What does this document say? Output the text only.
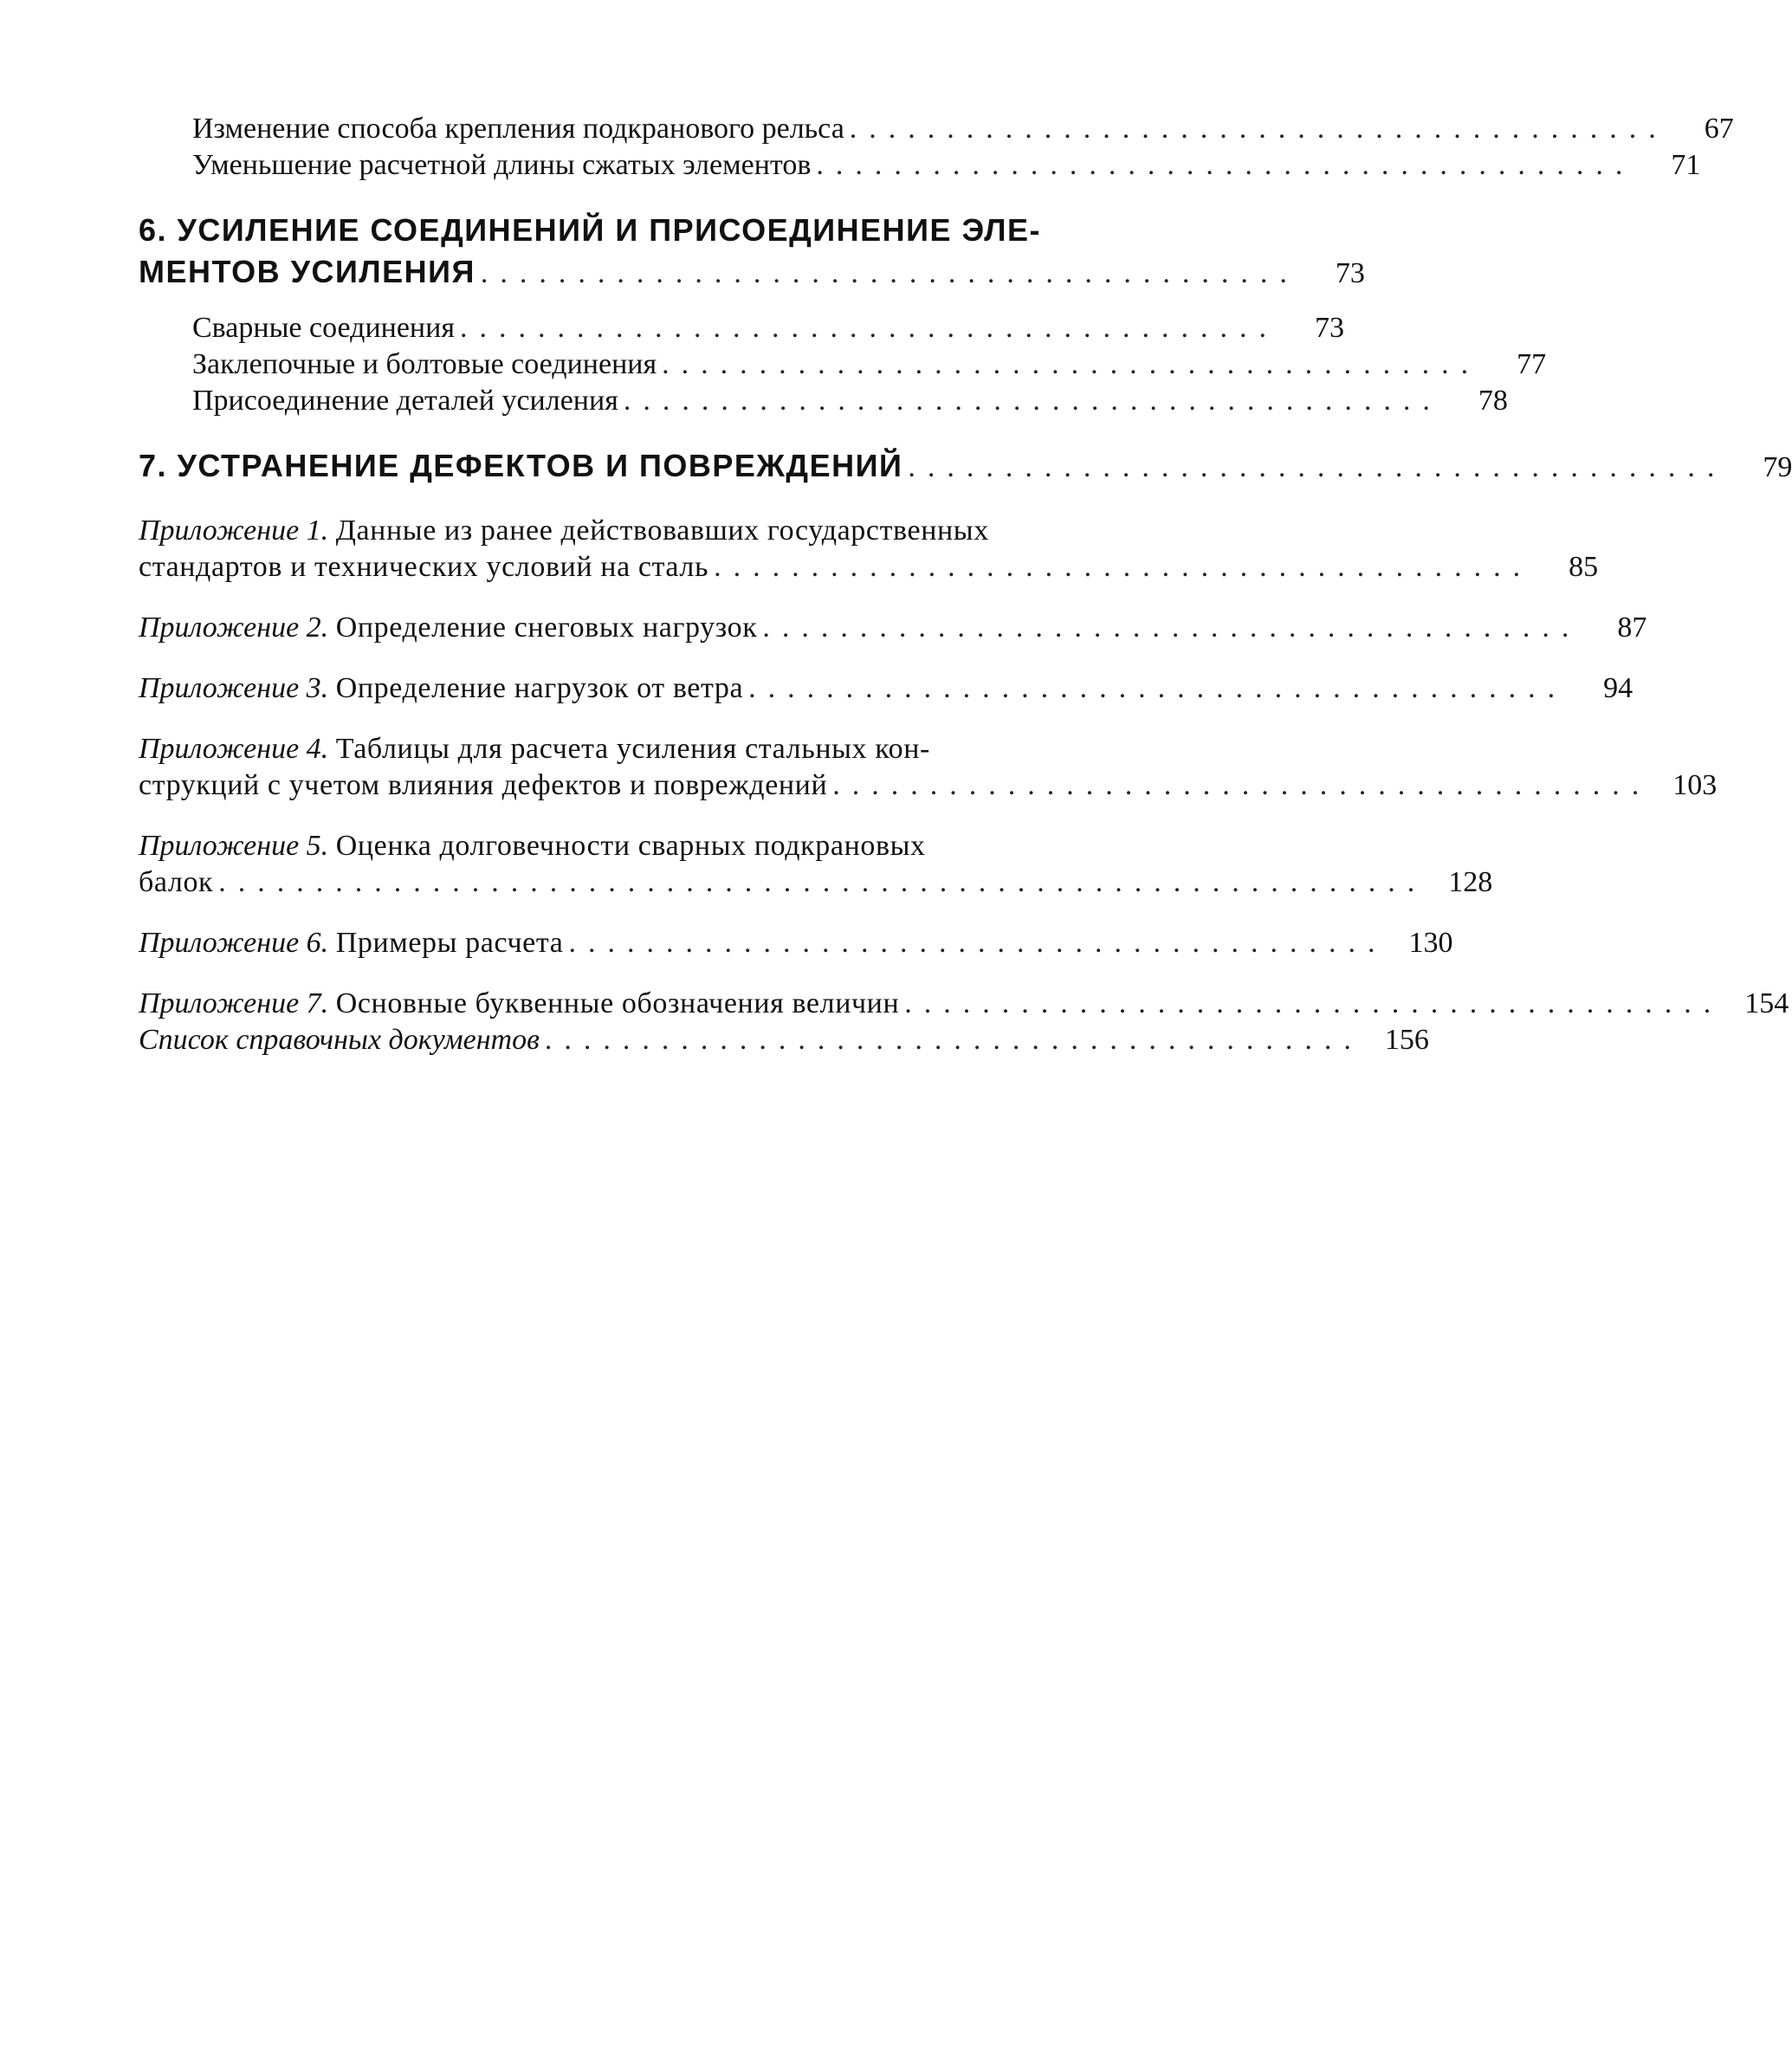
Изменение способа крепления подкранового рельса ..........................................	67
Уменьшение расчетной длины сжатых элементов ..........................................	71
6. УСИЛЕНИЕ СОЕДИНЕНИЙ И ПРИСОЕДИНЕНИЕ ЭЛЕ-
МЕНТОВ УСИЛЕНИЯ ..........................................	73
Сварные соединения ..........................................	73
Заклепочные и болтовые соединения ..........................................	77
Присоединение деталей усиления ..........................................	78
7. УСТРАНЕНИЕ ДЕФЕКТОВ И ПОВРЕЖДЕНИЙ ..........................................	79
Приложение 1. Данные из ранее действовавших государственных
стандартов и технических условий на сталь ..........................................	85
Приложение 2. Определение снеговых нагрузок ..........................................	87
Приложение 3. Определение нагрузок от ветра ..........................................	94
Приложение 4. Таблицы для расчета усиления стальных кон-
струкций с учетом влияния дефектов и повреждений .......................................... 103
Приложение 5. Оценка долговечности сварных подкрановых
балок .............................................................. 128
Приложение 6. Примеры расчета .......................................... 130
Приложение 7. Основные буквенные обозначения величин .......................................... 154
Список справочных документов .......................................... 156
